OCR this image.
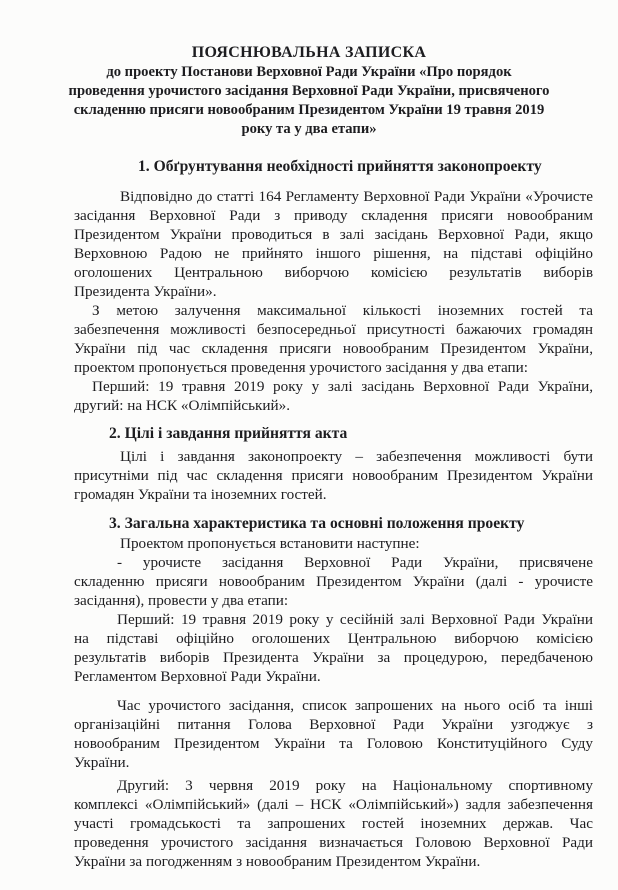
ПОЯСНЮВАЛЬНА ЗАПИСКА

до проекту Постанови Верховної Ради України «Про порядок

проведення урочистого засідання Верховної Ради України, присвяченого

складенню присяги новообраним Президентом України 19 травня 2019

року та у два етапи»

1. Обґрунтування необхідності прийняття законопроекту

Відповідно до статті 164 Регламенту Верховної Ради України «Урочисте

засідання Верховної Ради з приводу складення присяги новообраним

Президентом України проводиться в залі засідань Верховної Ради, якщо

Верховною Радою не прийнято іншого рішення, на підставі офіційно

оголошених Центральною виборчою комісією результатів виборів

Президента України».

З метою залучення максимальної кількості іноземних гостей та

забезпечення можливості безпосередньої присутності бажаючих громадян

України під час складення присяги новообраним Президентом України,

проектом пропонується проведення урочистого засідання у два етапи:

Перший: 19 травня 2019 року у залі засідань Верховної Ради України,

другий: на НСК «Олімпійський».

2. Цілі і завдання прийняття акта

Цілі і завдання законопроекту – забезпечення можливості бути

присутніми під час складення присяги новообраним Президентом України

громадян України та іноземних гостей.

3. Загальна характеристика та основні положення проекту

Проектом пропонується встановити наступне:

- урочисте засідання Верховної Ради України, присвячене

складенню присяги новообраним Президентом України (далі - урочисте

засідання), провести у два етапи:

Перший: 19 травня 2019 року у сесійній залі Верховної Ради України

на підставі офіційно оголошених Центральною виборчою комісією

результатів виборів Президента України за процедурою, передбаченою

Регламентом Верховної Ради України.

Час урочистого засідання, список запрошених на нього осіб та інші

організаційні питання Голова Верховної Ради України узгоджує з

новообраним Президентом України та Головою Конституційного Суду

України.

Другий: 3 червня 2019 року на Національному спортивному

комплексі «Олімпійський» (далі – НСК «Олімпійський») задля забезпечення

участі громадськості та запрошених гостей іноземних держав. Час

проведення урочистого засідання визначається Головою Верховної Ради

України за погодженням з новообраним Президентом України.
